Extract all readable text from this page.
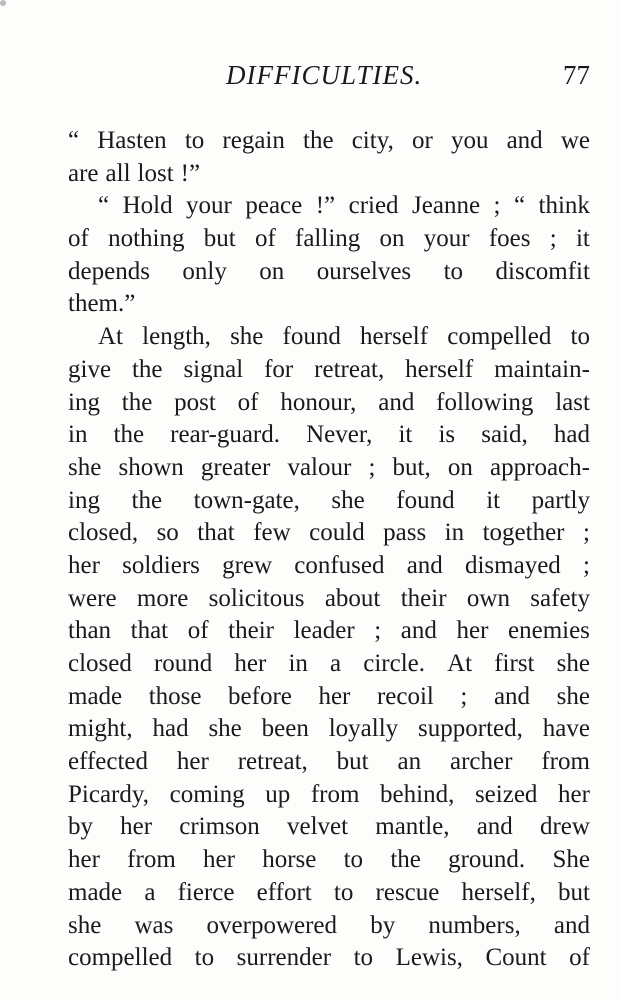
DIFFICULTIES.	77
“ Hasten to regain the city, or you and we
are all lost !”
“ Hold your peace !” cried Jeanne ; “ think
of nothing but of falling on your foes ; it
depends only on ourselves to discomfit
them.”
At length, she found herself compelled to
give the signal for retreat, herself maintain-
ing the post of honour, and following last
in the rear-guard. Never, it is said, had
she shown greater valour ; but, on approach-
ing the town-gate, she found it partly
closed, so that few could pass in together ;
her soldiers grew confused and dismayed ;
were more solicitous about their own safety
than that of their leader ; and her enemies
closed round her in a circle. At first she
made those before her recoil ; and she
might, had she been loyally supported, have
effected her retreat, but an archer from
Picardy, coming up from behind, seized her
by her crimson velvet mantle, and drew
her from her horse to the ground. She
made a fierce effort to rescue herself, but
she was overpowered by numbers, and
compelled to surrender to Lewis, Count of
